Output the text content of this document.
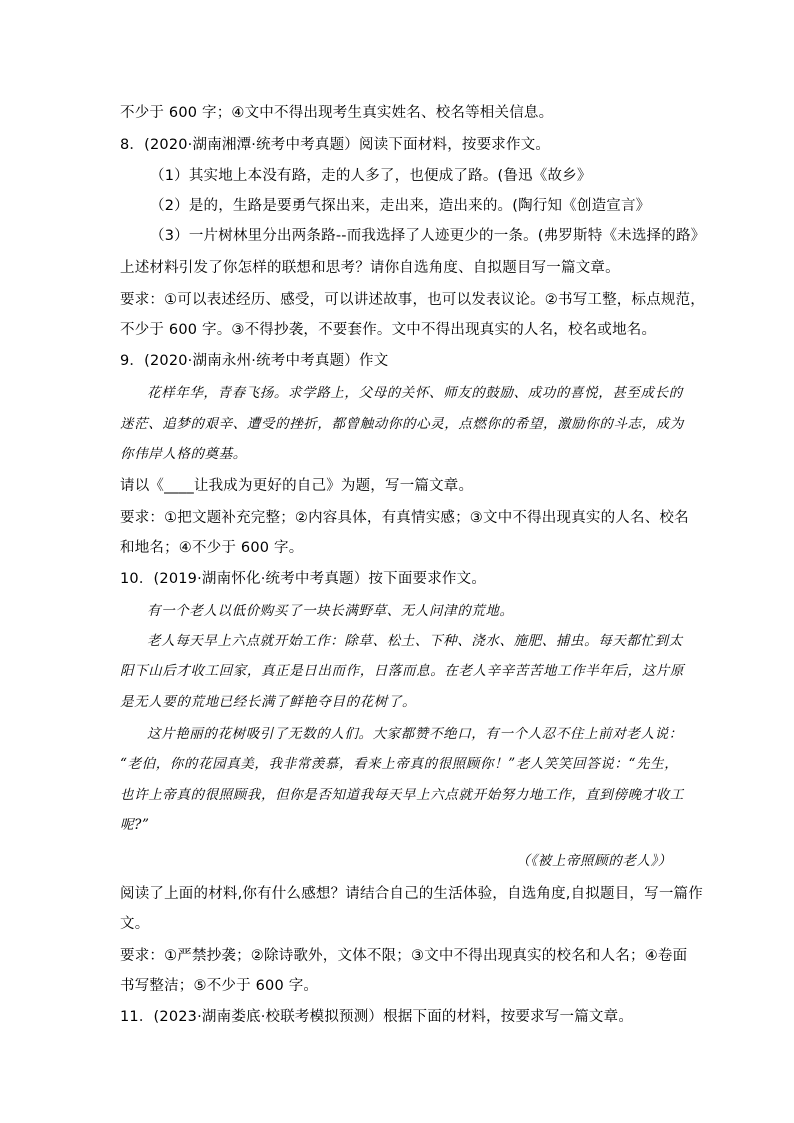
不少于 600 字；④文中不得出现考生真实姓名、校名等相关信息。
8．(2020·湖南湘潭·统考中考真题）阅读下面材料，按要求作文。
（1）其实地上本没有路，走的人多了，也便成了路。(鲁迅《故乡》
（2）是的，生路是要勇气探出来，走出来，造出来的。(陶行知《创造宣言》
（3）一片树林里分出两条路--而我选择了人迹更少的一条。(弗罗斯特《未选择的路》
上述材料引发了你怎样的联想和思考？请你自选角度、自拟题目写一篇文章。
要求：①可以表述经历、感受，可以讲述故事，也可以发表议论。②书写工整，标点规范，
不少于 600 字。③不得抄袭，不要套作。文中不得出现真实的人名，校名或地名。
9．(2020·湖南永州·统考中考真题）作文
花样年华，青春飞扬。求学路上，父母的关怀、师友的鼓励、成功的喜悦，甚至成长的
迷茫、追梦的艰辛、遭受的挫折，都曾触动你的心灵，点燃你的希望，激励你的斗志，成为
你伟岸人格的奠基。
请以《____让我成为更好的自己》为题，写一篇文章。
要求：①把文题补充完整；②内容具体，有真情实感；③文中不得出现真实的人名、校名
和地名；④不少于 600 字。
10．(2019·湖南怀化·统考中考真题）按下面要求作文。
有一个老人以低价购买了一块长满野草、无人问津的荒地。
老人每天早上六点就开始工作：除草、松土、下种、浇水、施肥、捕虫。每天都忙到太
阳下山后才收工回家，真正是日出而作，日落而息。在老人辛辛苦苦地工作半年后，这片原
是无人要的荒地已经长满了鲜艳夺目的花树了。
这片艳丽的花树吸引了无数的人们。大家都赞不绝口，有一个人忍不住上前对老人说：
“老伯，你的花园真美，我非常羡慕，看来上帝真的很照顾你！”老人笑笑回答说：“先生，
也许上帝真的很照顾我，但你是否知道我每天早上六点就开始努力地工作，直到傍晚才收工
呢?”
（《被上帝照顾的老人》）
阅读了上面的材料,你有什么感想？请结合自己的生活体验，自选角度,自拟题目，写一篇作
文。
要求：①严禁抄袭；②除诗歌外，文体不限；③文中不得出现真实的校名和人名；④卷面
书写整洁；⑤不少于 600 字。
11．(2023·湖南娄底·校联考模拟预测）根据下面的材料，按要求写一篇文章。
